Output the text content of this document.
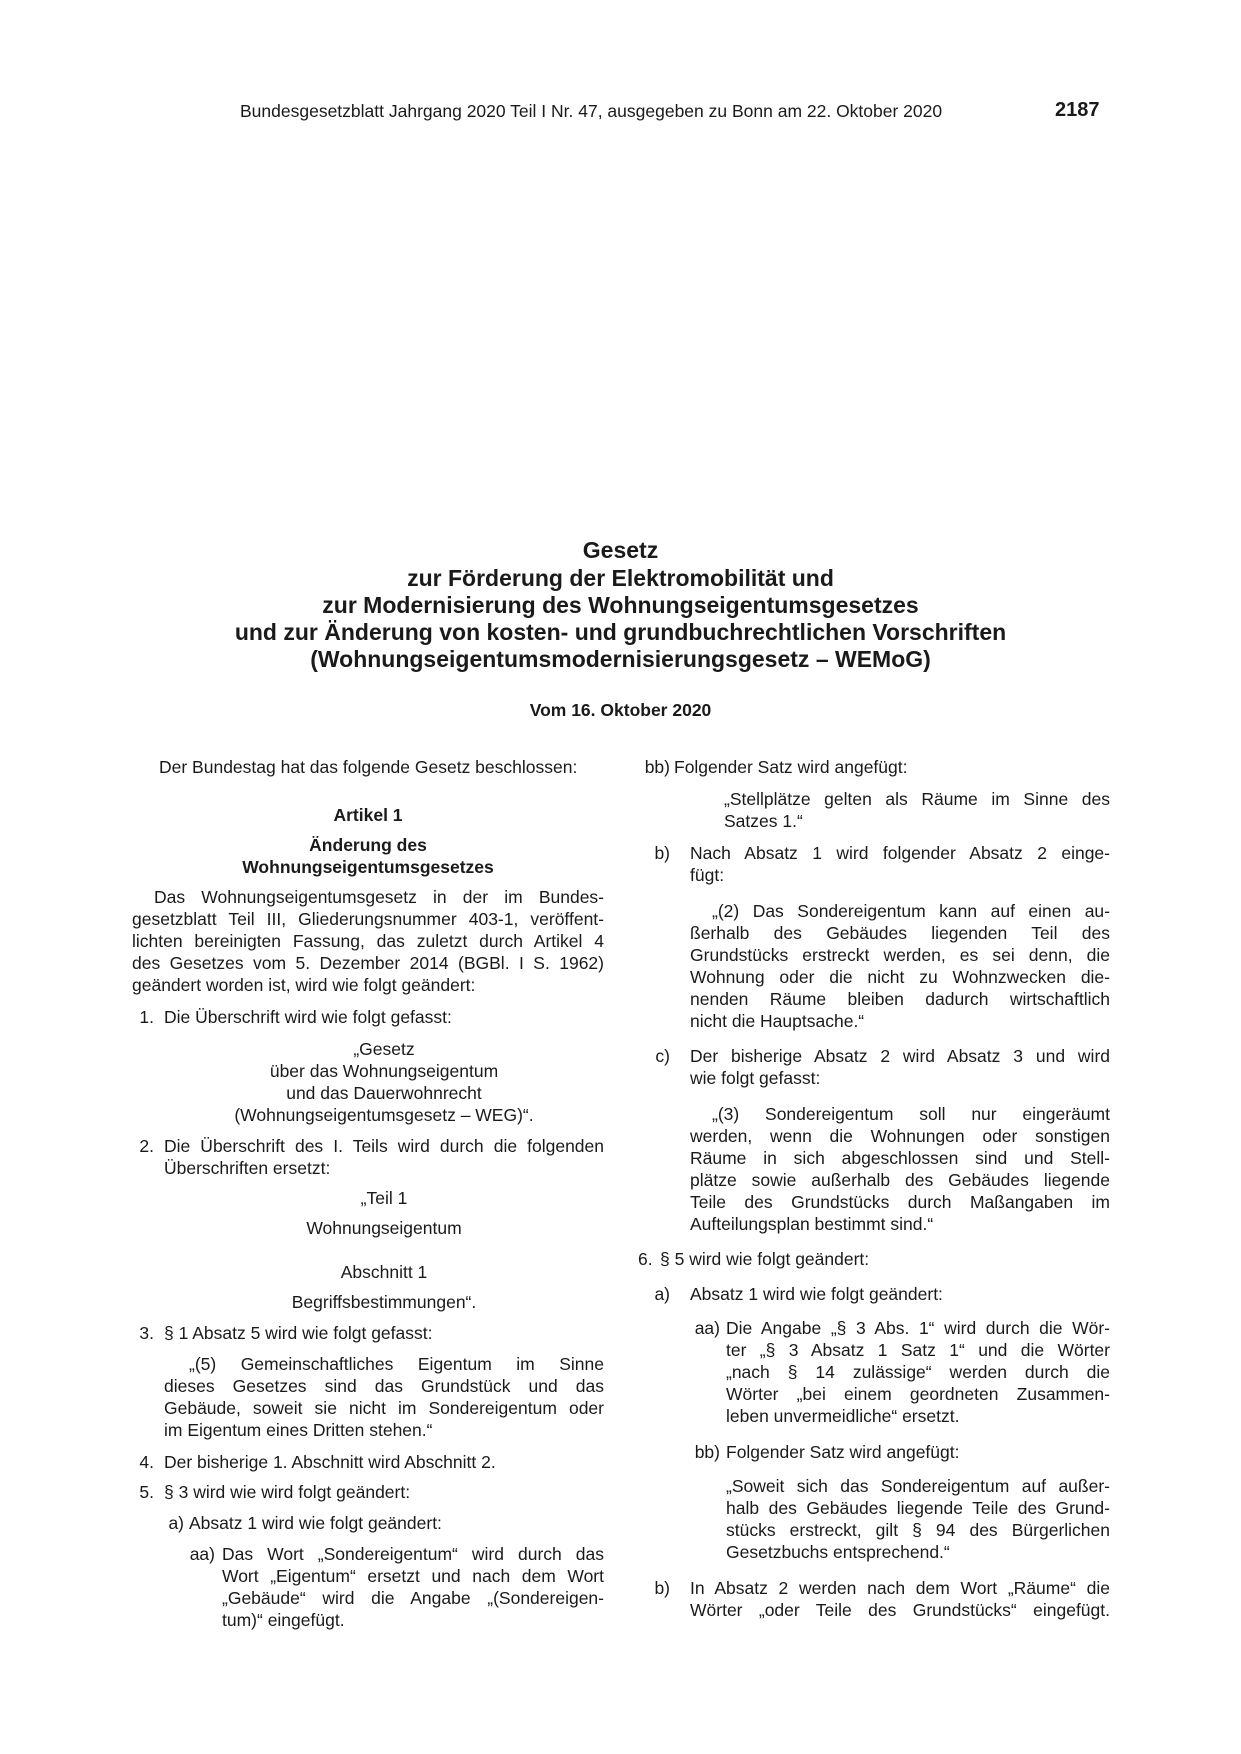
Bundesgesetzblatt Jahrgang 2020 Teil I Nr. 47, ausgegeben zu Bonn am 22. Oktober 2020	2187
Gesetz
zur Förderung der Elektromobilität und
zur Modernisierung des Wohnungseigentumsgesetzes
und zur Änderung von kosten- und grundbuchrechtlichen Vorschriften
(Wohnungseigentumsmodernisierungsgesetz – WEMoG)
Vom 16. Oktober 2020
Der Bundestag hat das folgende Gesetz beschlossen:
Artikel 1
Änderung des
Wohnungseigentumsgesetzes
Das Wohnungseigentumsgesetz in der im Bundes-
gesetzblatt Teil III, Gliederungsnummer 403-1, veröffent-
lichten bereinigten Fassung, das zuletzt durch Artikel 4
des Gesetzes vom 5. Dezember 2014 (BGBl. I S. 1962)
geändert worden ist, wird wie folgt geändert:
1. Die Überschrift wird wie folgt gefasst:
„Gesetz
über das Wohnungseigentum
und das Dauerwohnrecht
(Wohnungseigentumsgesetz – WEG)“.
2. Die Überschrift des I. Teils wird durch die folgenden
Überschriften ersetzt:
„Teil 1
Wohnungseigentum
Abschnitt 1
Begriffsbestimmungen“.
3. § 1 Absatz 5 wird wie folgt gefasst:
„(5) Gemeinschaftliches Eigentum im Sinne
dieses Gesetzes sind das Grundstück und das
Gebäude, soweit sie nicht im Sondereigentum oder
im Eigentum eines Dritten stehen.“
4. Der bisherige 1. Abschnitt wird Abschnitt 2.
5. § 3 wird wie wird folgt geändert:
a) Absatz 1 wird wie folgt geändert:
aa) Das Wort „Sondereigentum“ wird durch das
Wort „Eigentum“ ersetzt und nach dem Wort
„Gebäude“ wird die Angabe „(Sondereigen-
tum)“ eingefügt.
bb) Folgender Satz wird angefügt:
„Stellplätze gelten als Räume im Sinne des
Satzes 1.“
b) Nach Absatz 1 wird folgender Absatz 2 einge-
fügt:
„(2) Das Sondereigentum kann auf einen au-
ßerhalb des Gebäudes liegenden Teil des
Grundstücks erstreckt werden, es sei denn, die
Wohnung oder die nicht zu Wohnzwecken die-
nenden Räume bleiben dadurch wirtschaftlich
nicht die Hauptsache.“
c) Der bisherige Absatz 2 wird Absatz 3 und wird
wie folgt gefasst:
„(3) Sondereigentum soll nur eingeräumt
werden, wenn die Wohnungen oder sonstigen
Räume in sich abgeschlossen sind und Stell-
plätze sowie außerhalb des Gebäudes liegende
Teile des Grundstücks durch Maßangaben im
Aufteilungsplan bestimmt sind.“
6. § 5 wird wie folgt geändert:
a) Absatz 1 wird wie folgt geändert:
aa) Die Angabe „§ 3 Abs. 1“ wird durch die Wör-
ter „§ 3 Absatz 1 Satz 1“ und die Wörter
„nach § 14 zulässige“ werden durch die
Wörter „bei einem geordneten Zusammen-
leben unvermeidliche“ ersetzt.
bb) Folgender Satz wird angefügt:
„Soweit sich das Sondereigentum auf außer-
halb des Gebäudes liegende Teile des Grund-
stücks erstreckt, gilt § 94 des Bürgerlichen
Gesetzbuchs entsprechend.“
b) In Absatz 2 werden nach dem Wort „Räume“ die
Wörter „oder Teile des Grundstücks“ eingefügt.
